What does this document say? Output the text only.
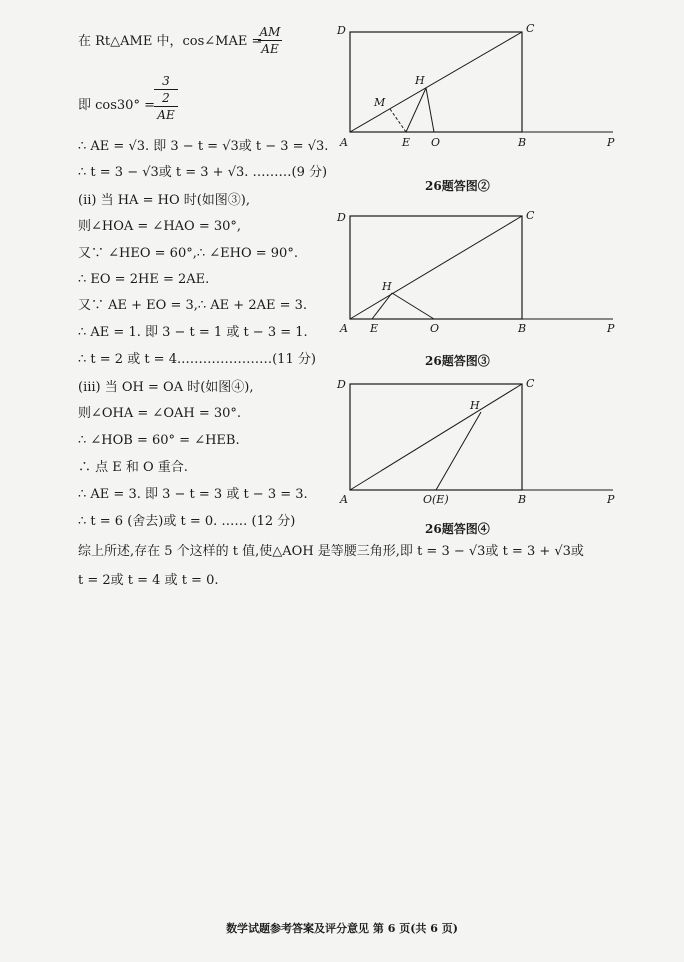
在 Rt△AME 中，cos∠MAE =
AM
AE
即 cos30° =
3
2
AE
∴ AE = √3. 即 3 − t = √3或 t − 3 = √3.
∴ t = 3 − √3或 t = 3 + √3. ………(9 分)
(ⅱ) 当 HA = HO 时(如图③),
则∠HOA = ∠HAO = 30°,
又∵ ∠HEO = 60°,∴ ∠EHO = 90°.
∴ EO = 2HE = 2AE.
又∵ AE + EO = 3,∴ AE + 2AE = 3.
∴ AE = 1. 即 3 − t = 1 或 t − 3 = 1.
∴ t = 2 或 t = 4.…………………(11 分)
(ⅲ) 当 OH = OA 时(如图④),
则∠OHA = ∠OAH = 30°.
∴ ∠HOB = 60° = ∠HEB.
∴ 点 E 和 O 重合.
∴ AE = 3. 即 3 − t = 3 或 t − 3 = 3.
∴ t = 6 (舍去)或 t = 0. …… (12 分)
综上所述,存在 5 个这样的 t 值,使△AOH 是等腰三角形,即 t = 3 − √3或 t = 3 + √3或
t = 2或 t = 4 或 t = 0.
D	C
H
M
A	E O	B	P
26题答图②
D	C
H
A E	O	B	P
26题答图③
D	C
H
A	O(E)	B	P
26题答图④
数学试题参考答案及评分意见 第 6 页(共 6 页)
